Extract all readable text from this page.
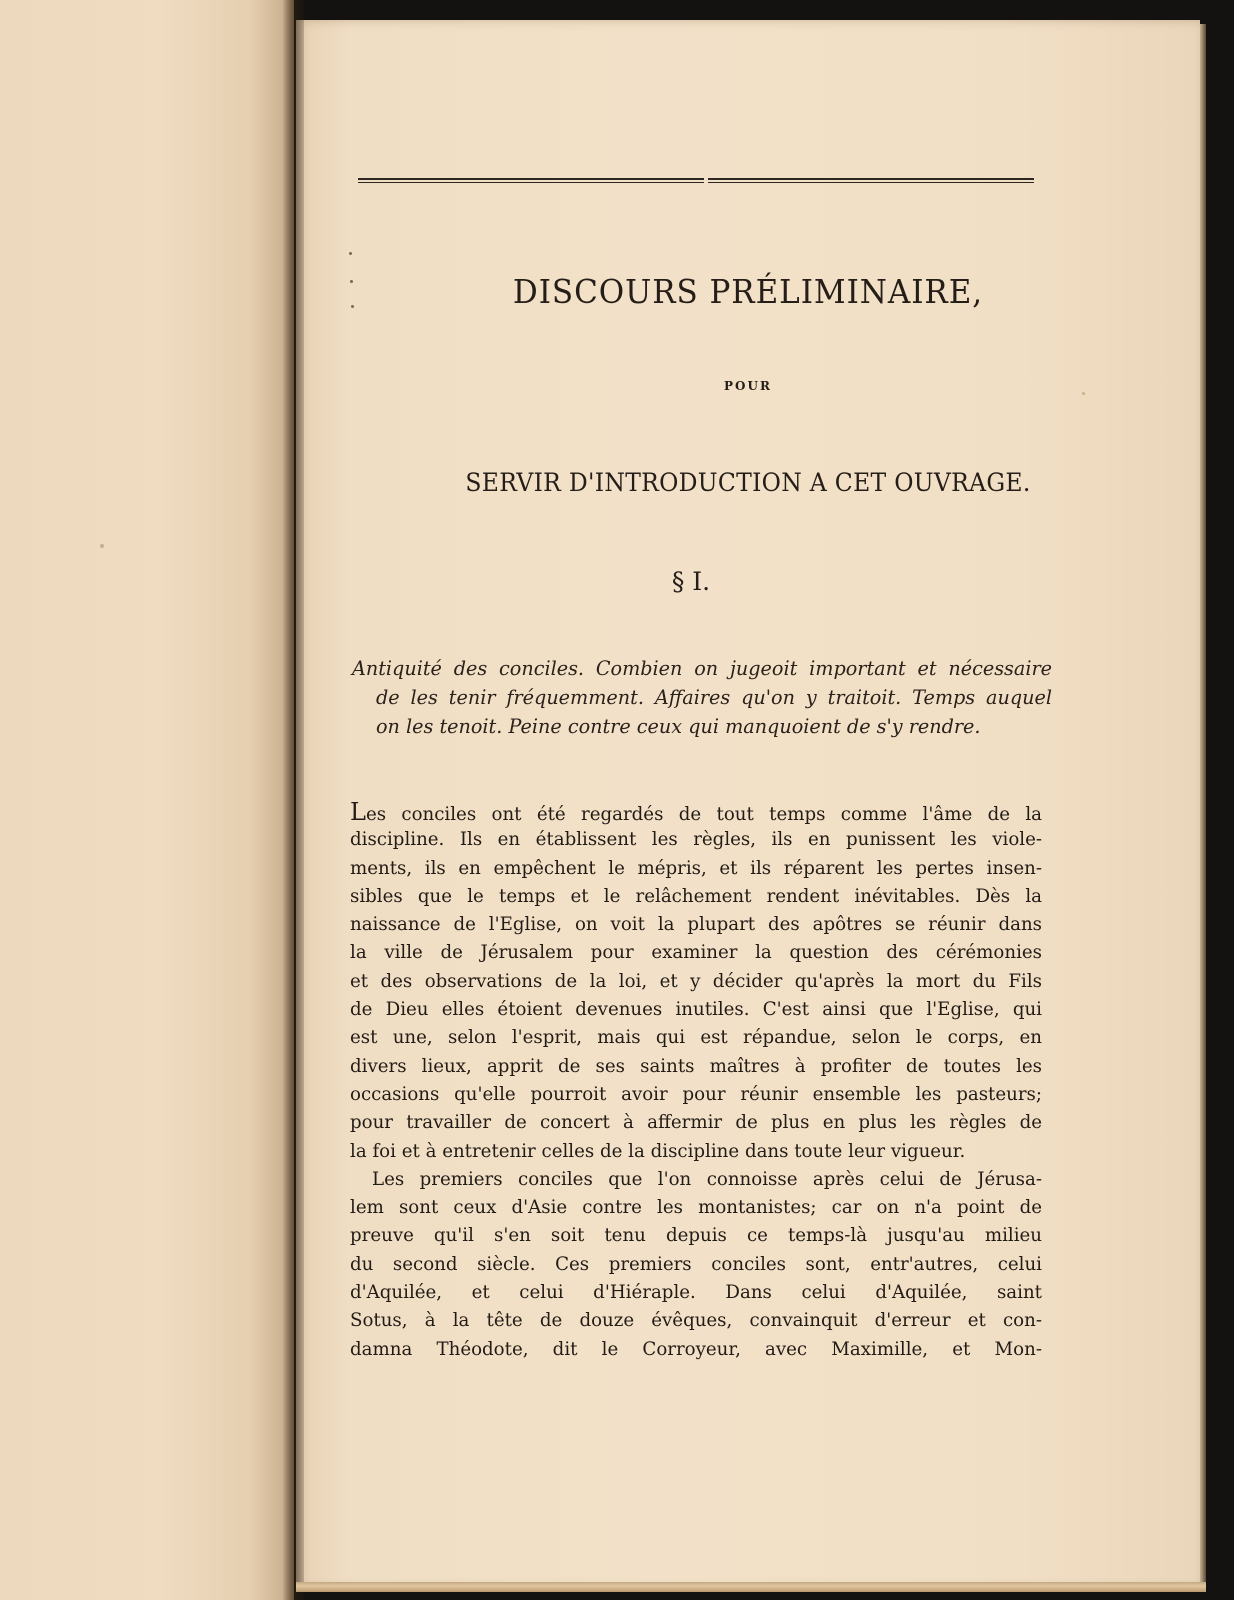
DISCOURS PRÉLIMINAIRE,
POUR
SERVIR D'INTRODUCTION A CET OUVRAGE.
§ I.
Antiquité des conciles. Combien on jugeoit important et nécessaire
de les tenir fréquemment. Affaires qu'on y traitoit. Temps auquel
on les tenoit. Peine contre ceux qui manquoient de s'y rendre.
Les conciles ont été regardés de tout temps comme l'âme de la
discipline. Ils en établissent les règles, ils en punissent les viole-
ments, ils en empêchent le mépris, et ils réparent les pertes insen-
sibles que le temps et le relâchement rendent inévitables. Dès la
naissance de l'Eglise, on voit la plupart des apôtres se réunir dans
la ville de Jérusalem pour examiner la question des cérémonies
et des observations de la loi, et y décider qu'après la mort du Fils
de Dieu elles étoient devenues inutiles. C'est ainsi que l'Eglise, qui
est une, selon l'esprit, mais qui est répandue, selon le corps, en
divers lieux, apprit de ses saints maîtres à profiter de toutes les
occasions qu'elle pourroit avoir pour réunir ensemble les pasteurs;
pour travailler de concert à affermir de plus en plus les règles de
la foi et à entretenir celles de la discipline dans toute leur vigueur.
Les premiers conciles que l'on connoisse après celui de Jérusa-
lem sont ceux d'Asie contre les montanistes; car on n'a point de
preuve qu'il s'en soit tenu depuis ce temps-là jusqu'au milieu
du second siècle. Ces premiers conciles sont, entr'autres, celui
d'Aquilée, et celui d'Hiéraple. Dans celui d'Aquilée, saint
Sotus, à la tête de douze évêques, convainquit d'erreur et con-
damna Théodote, dit le Corroyeur, avec Maximille, et Mon-
